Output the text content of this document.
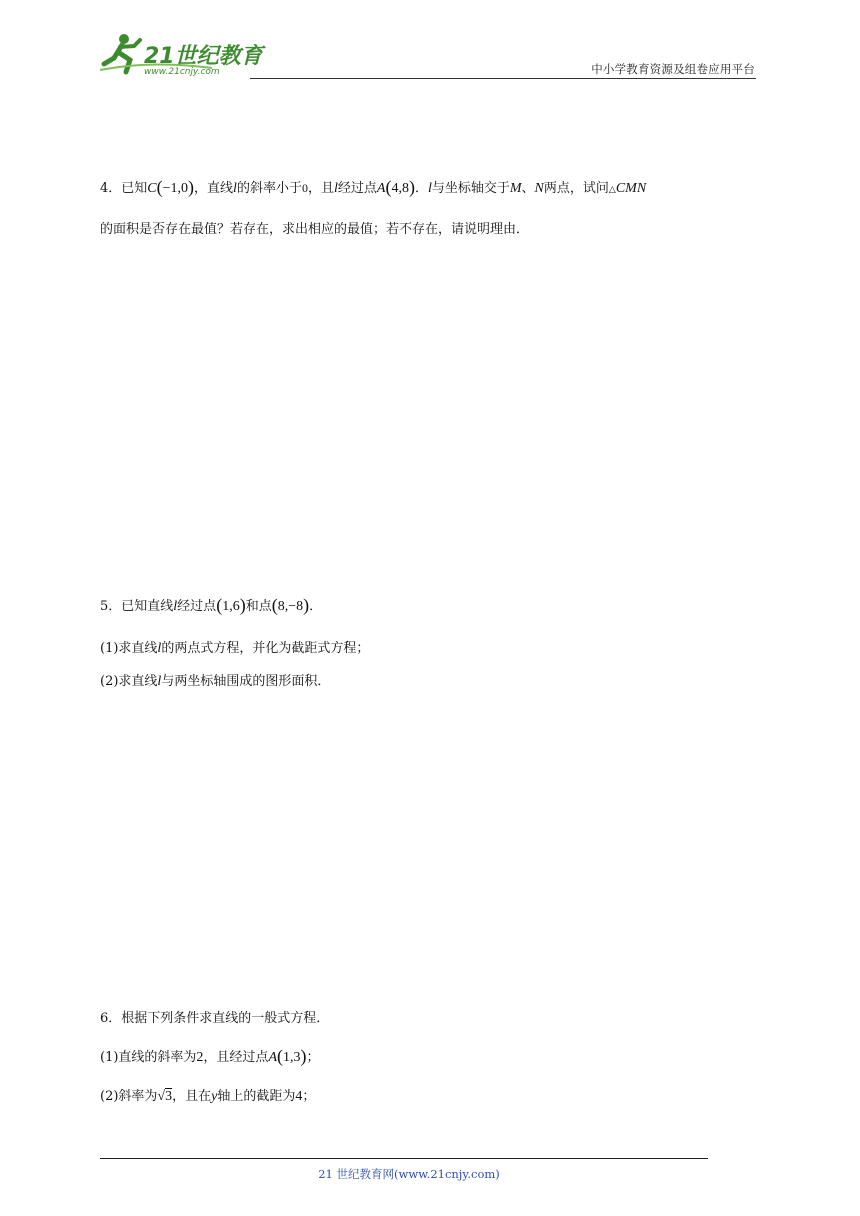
21世纪教育
www.21cnjy.com	中小学教育资源及组卷应用平台
4．已知C(−1,0)，直线l的斜率小于0，且l经过点A(4,8)．l与坐标轴交于M、N两点，试问△CMN
的面积是否存在最值？若存在，求出相应的最值；若不存在，请说明理由．
5．已知直线l经过点(1,6)和点(8,−8)．
(1)求直线l的两点式方程，并化为截距式方程；
(2)求直线l与两坐标轴围成的图形面积．
6．根据下列条件求直线的一般式方程．
(1)直线的斜率为2，且经过点A(1,3)；
(2)斜率为√3，且在y轴上的截距为4；
21 世纪教育网(www.21cnjy.com)
